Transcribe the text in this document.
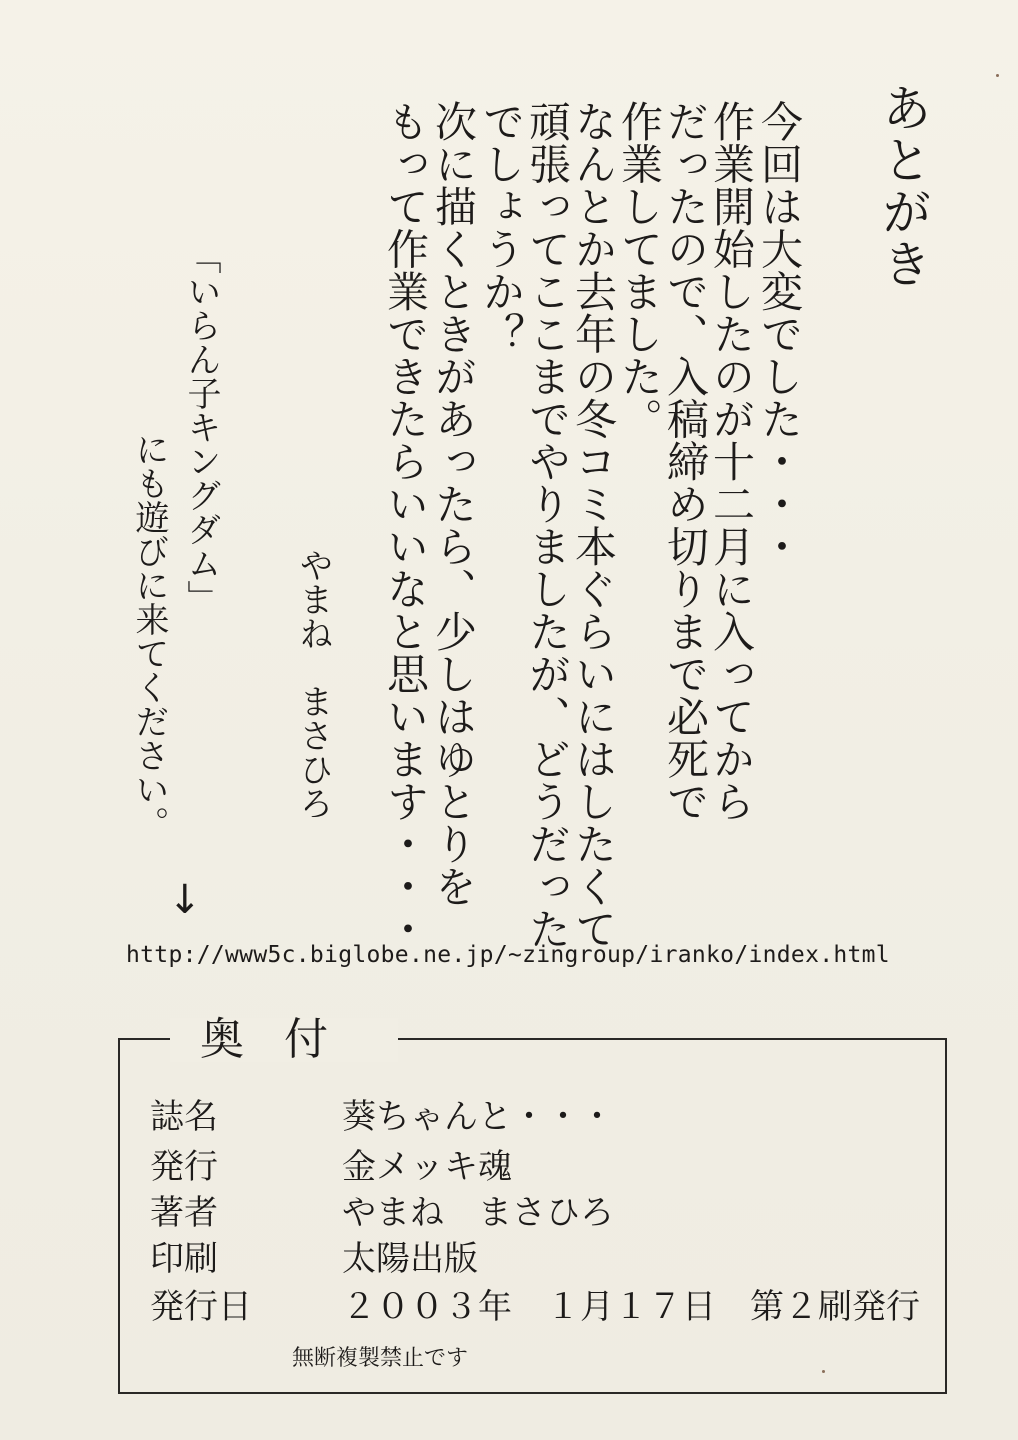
あとがき
今回は大変でした・・・
作業開始したのが十二月に入ってから
だったので、入稿締め切りまで必死で
作業してました。
なんとか去年の冬コミ本ぐらいにはしたくて
頑張ってここまでやりましたが、どうだった
でしょうか？
次に描くときがあったら、少しはゆとりを
もって作業できたらいいなと思います・・・
やまね　まさひろ
「いらん子キングダム」
にも遊びに来てください。
↓
http://www5c.biglobe.ne.jp/~zingroup/iranko/index.html
奥付
誌名	葵ちゃんと・・・
発行	金メッキ魂
著者	やまね　まさひろ
印刷	太陽出版
発行日	２００３年　１月１７日　第２刷発行
無断複製禁止です
